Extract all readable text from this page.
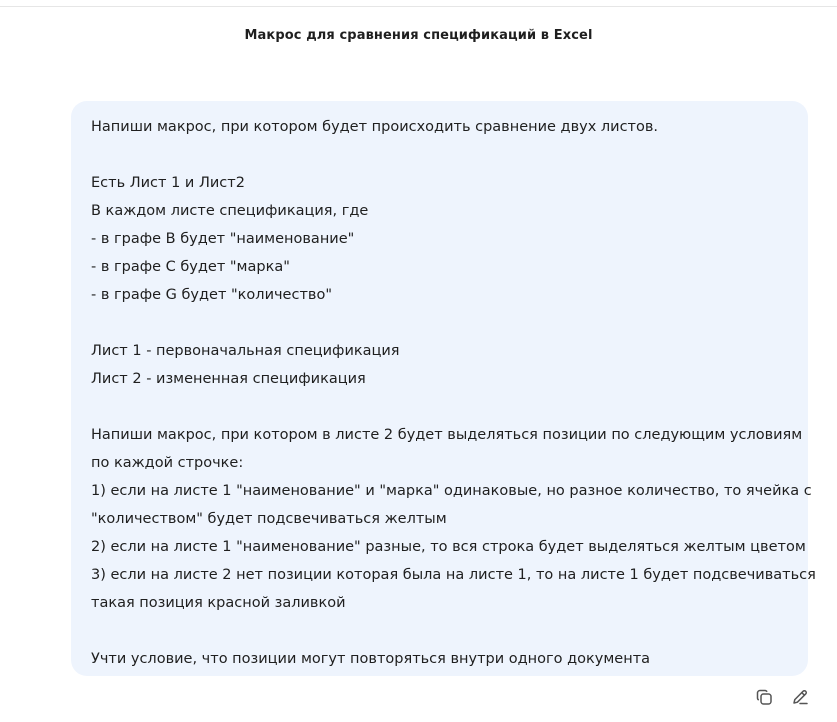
Макрос для сравнения спецификаций в Excel
Напиши макрос, при котором будет происходить сравнение двух листов.
Есть Лист 1 и Лист2
В каждом листе спецификация, где
- в графе B будет "наименование"
- в графе C будет "марка"
- в графе G будет "количество"
Лист 1 - первоначальная спецификация
Лист 2 - измененная спецификация
Напиши макрос, при котором в листе 2 будет выделяться позиции по следующим условиям
по каждой строчке:
1) если на листе 1 "наименование" и "марка" одинаковые, но разное количество, то ячейка с
"количеством" будет подсвечиваться желтым
2) если на листе 1 "наименование" разные, то вся строка будет выделяться желтым цветом
3) если на листе 2 нет позиции которая была на листе 1, то на листе 1 будет подсвечиваться
такая позиция красной заливкой
Учти условие, что позиции могут повторяться внутри одного документа
